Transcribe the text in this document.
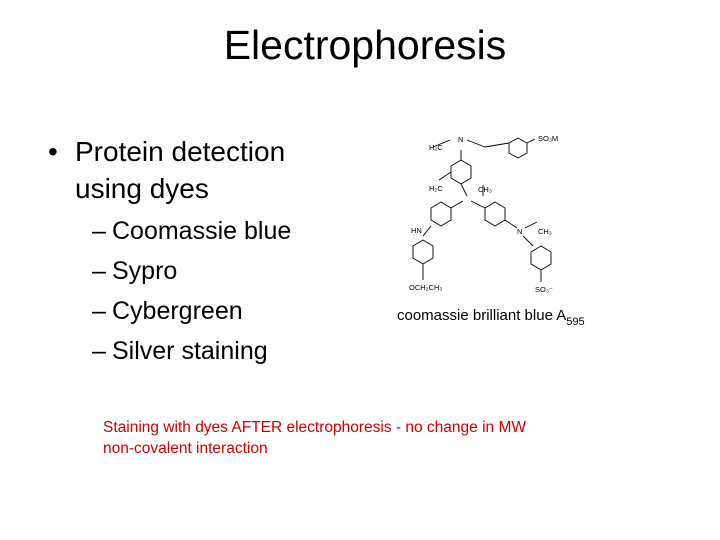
Electrophoresis
• Protein detection
using dyes
– Coomassie blue
– Sypro
– Cybergreen
– Silver staining
SO₃M
H₂C
N
H₂C	CH₃
HN	N CH₃
OCH₂CH₃	SO₃⁻
coomassie brilliant blue $A_{595}$
Staining with dyes AFTER electrophoresis - no change in MW
non-covalent interaction
